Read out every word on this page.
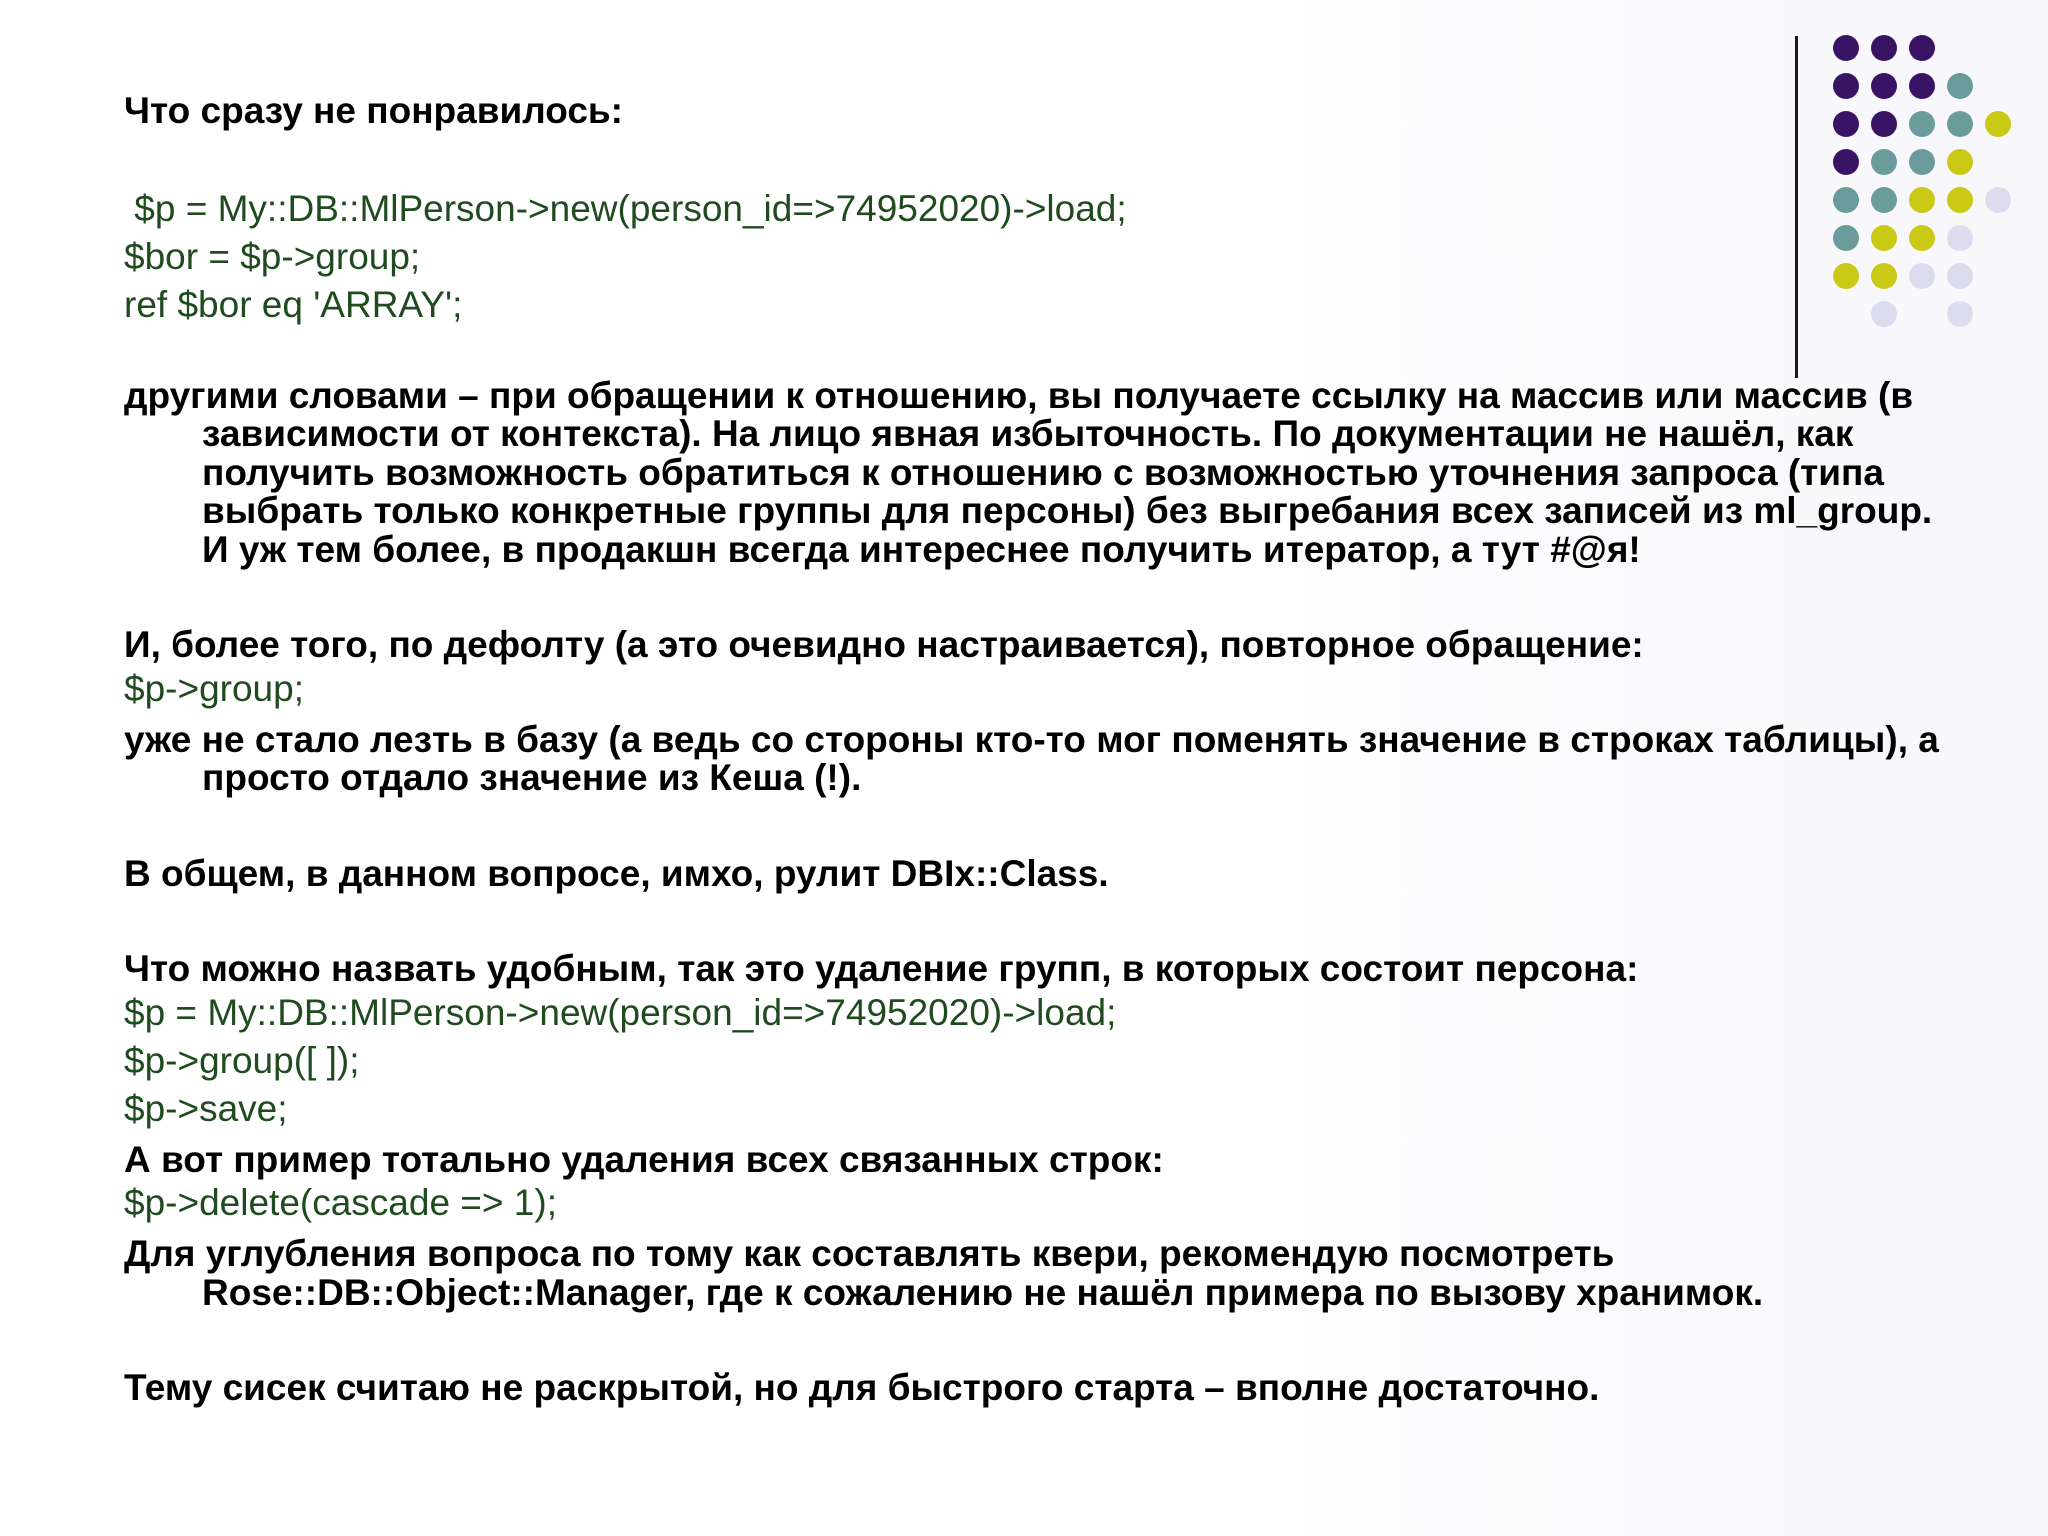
Что сразу не понравилось:

$p = My::DB::MlPerson->new(person_id=>74952020)->load;

$bor = $p->group;

ref $bor eq 'ARRAY';

другими словами – при обращении к отношению, вы получаете ссылку на массив или массив (в зависимости от контекста). На лицо явная избыточность. По документации не нашёл, как получить возможность обратиться к отношению с возможностью уточнения запроса (типа выбрать только конкретные группы для персоны) без выгребания всех записей из ml_group. И уж тем более, в продакшн всегда интереснее получить итератор, а тут #@я!

И, более того, по дефолту (а это очевидно настраивается), повторное обращение:

$p->group;

уже не стало лезть в базу (а ведь со стороны кто-то мог поменять значение в строках таблицы), а просто отдало значение из Кеша (!).

В общем, в данном вопросе, имхо, рулит DBIx::Class.

Что можно назвать удобным, так это удаление групп, в которых состоит персона:

$p = My::DB::MlPerson->new(person_id=>74952020)->load;

$p->group([ ]);

$p->save;

А вот пример тотально удаления всех связанных строк:

$p->delete(cascade => 1);

Для углубления вопроса по тому как составлять квери, рекомендую посмотреть Rose::DB::Object::Manager, где к сожалению не нашёл примера по вызову хранимок.

Тему сисек считаю не раскрытой, но для быстрого старта – вполне достаточно.
